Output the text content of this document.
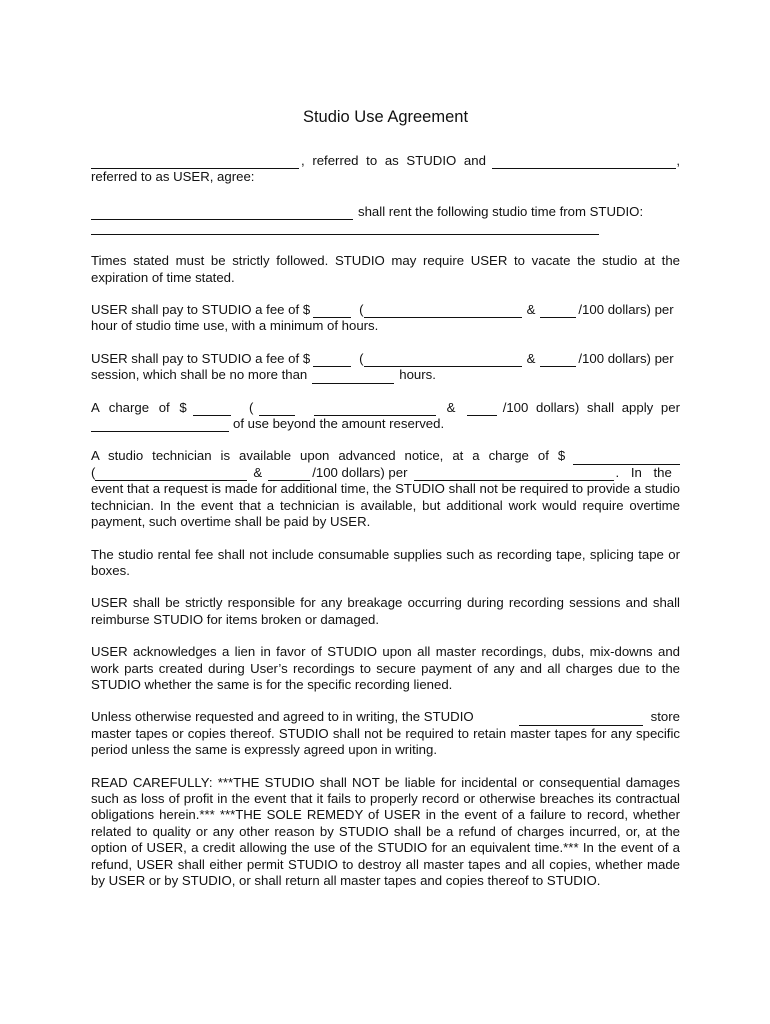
Studio Use Agreement

, referred to as STUDIO and	,
referred to as USER, agree:

shall rent the following studio time from STUDIO:

Times stated must be strictly followed. STUDIO may require USER to vacate the studio at the expiration of time stated.

USER shall pay to STUDIO a fee of $	(	&	/100 dollars) per
hour of studio time use, with a minimum of hours.

USER shall pay to STUDIO a fee of $	(	&	/100 dollars) per
session, which shall be no more than	hours.

A charge of $	(	&	/100 dollars) shall apply per
of use beyond the amount reserved.

A studio technician is available upon advanced notice, at a charge of $
(	&	/100 dollars) per	. In the
event that a request is made for additional time, the STUDIO shall not be required to provide a studio technician. In the event that a technician is available, but additional work would require overtime payment, such overtime shall be paid by USER.

The studio rental fee shall not include consumable supplies such as recording tape, splicing tape or boxes.

USER shall be strictly responsible for any breakage occurring during recording sessions and shall reimburse STUDIO for items broken or damaged.

USER acknowledges a lien in favor of STUDIO upon all master recordings, dubs, mix-downs and work parts created during User’s recordings to secure payment of any and all charges due to the STUDIO whether the same is for the specific recording liened.

Unless otherwise requested and agreed to in writing, the STUDIO	store
master tapes or copies thereof. STUDIO shall not be required to retain master tapes for any specific period unless the same is expressly agreed upon in writing.

READ CAREFULLY: ***THE STUDIO shall NOT be liable for incidental or consequential damages such as loss of profit in the event that it fails to properly record or otherwise breaches its contractual obligations herein.*** ***THE SOLE REMEDY of USER in the event of a failure to record, whether related to quality or any other reason by STUDIO shall be a refund of charges incurred, or, at the option of USER, a credit allowing the use of the STUDIO for an equivalent time.*** In the event of a refund, USER shall either permit STUDIO to destroy all master tapes and all copies, whether made by USER or by STUDIO, or shall return all master tapes and copies thereof to STUDIO.
